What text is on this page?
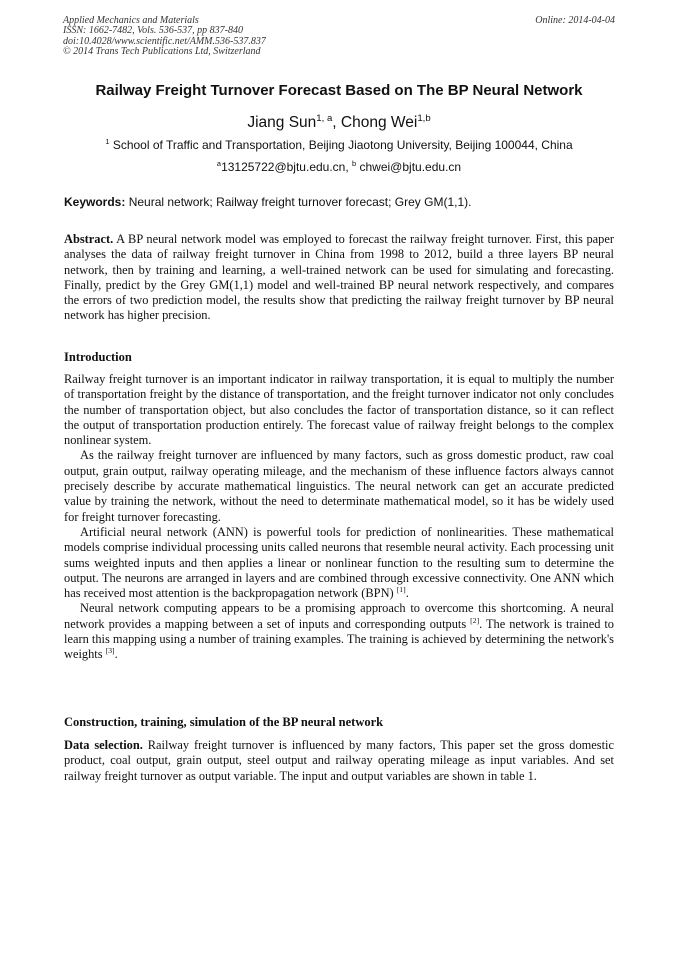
Applied Mechanics and Materials
ISSN: 1662-7482, Vols. 536-537, pp 837-840
doi:10.4028/www.scientific.net/AMM.536-537.837
© 2014 Trans Tech Publications Ltd, Switzerland
Online: 2014-04-04
Railway Freight Turnover Forecast Based on The BP Neural Network
Jiang Sun$^{1, a}$, Chong Wei$^{1,b}$
$^1$ School of Traffic and Transportation, Beijing Jiaotong University, Beijing 100044, China
$^a$13125722@bjtu.edu.cn, $^b$ chwei@bjtu.edu.cn
Keywords: Neural network; Railway freight turnover forecast; Grey GM(1,1).

Abstract. A BP neural network model was employed to forecast the railway freight turnover. First, this paper analyses the data of railway freight turnover in China from 1998 to 2012, build a three layers BP neural network, then by training and learning, a well-trained network can be used for simulating and forecasting. Finally, predict by the Grey GM(1,1) model and well-trained BP neural network respectively, and compares the errors of two prediction model, the results show that predicting the railway freight turnover by BP neural network has higher precision.

Introduction

Railway freight turnover is an important indicator in railway transportation, it is equal to multiply the number of transportation freight by the distance of transportation, and the freight turnover indicator not only concludes the number of transportation object, but also concludes the factor of transportation distance, so it can reflect the output of transportation production entirely. The forecast value of railway freight belongs to the complex nonlinear system.

As the railway freight turnover are influenced by many factors, such as gross domestic product, raw coal output, grain output, railway operating mileage, and the mechanism of these influence factors always cannot precisely describe by accurate mathematical linguistics. The neural network can get an accurate predicted value by training the network, without the need to determinate mathematical model, so it has be widely used for freight turnover forecasting.

Artificial neural network (ANN) is powerful tools for prediction of nonlinearities. These mathematical models comprise individual processing units called neurons that resemble neural activity. Each processing unit sums weighted inputs and then applies a linear or nonlinear function to the resulting sum to determine the output. The neurons are arranged in layers and are combined through excessive connectivity. One ANN which has received most attention is the backpropagation network (BPN) [1].

Neural network computing appears to be a promising approach to overcome this shortcoming. A neural network provides a mapping between a set of inputs and corresponding outputs [2]. The network is trained to learn this mapping using a number of training examples. The training is achieved by determining the network's weights [3].

Construction, training, simulation of the BP neural network

Data selection. Railway freight turnover is influenced by many factors, This paper set the gross domestic product, coal output, grain output, steel output and railway operating mileage as input variables. And set railway freight turnover as output variable. The input and output variables are shown in table 1.
